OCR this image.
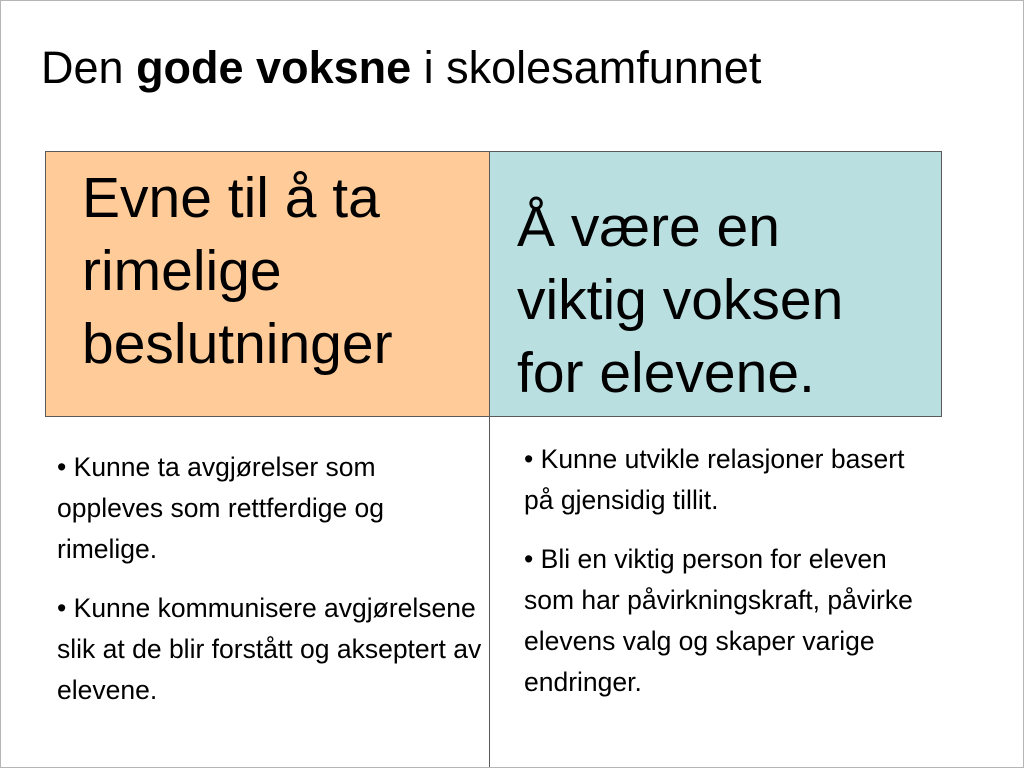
Den gode voksne i skolesamfunnet
Evne til å ta
rimelige
beslutninger
Å være en
viktig voksen
for elevene.

• Kunne ta avgjørelser som oppleves som rettferdige og rimelige.

• Kunne kommunisere avgjørelsene slik at de blir forstått og akseptert av elevene.

• Kunne utvikle relasjoner basert på gjensidig tillit.

• Bli en viktig person for eleven som har påvirkningskraft, påvirke elevens valg og skaper varige endringer.
